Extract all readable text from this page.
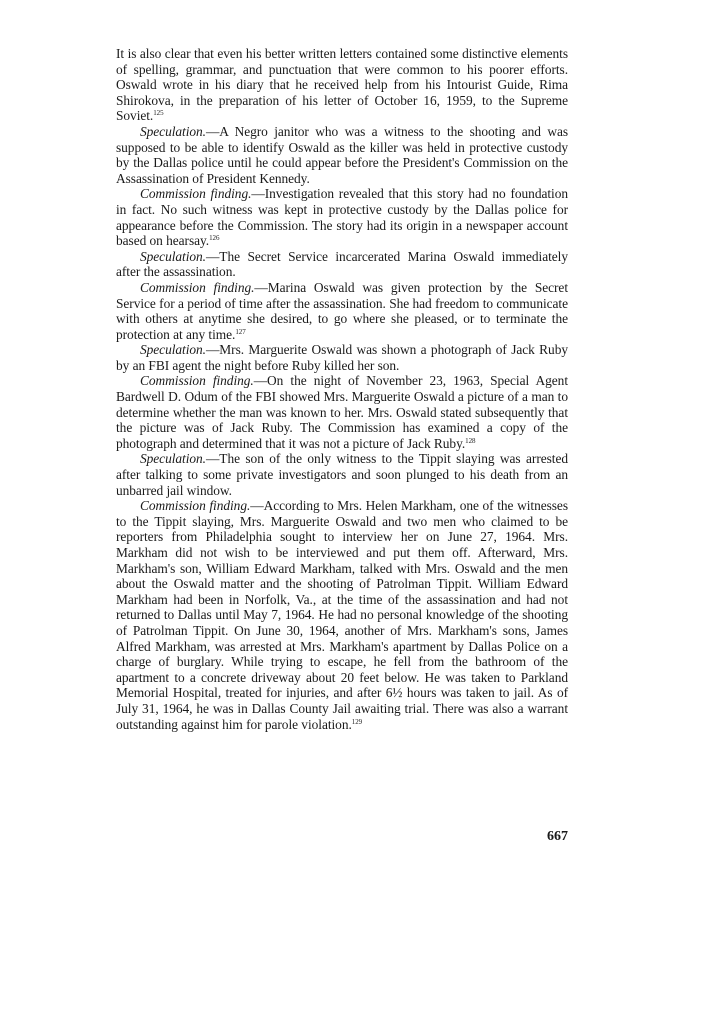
It is also clear that even his better written letters contained some distinctive elements of spelling, grammar, and punctuation that were common to his poorer efforts. Oswald wrote in his diary that he received help from his Intourist Guide, Rima Shirokova, in the preparation of his letter of October 16, 1959, to the Supreme Soviet.$^{125}$

Speculation.—A Negro janitor who was a witness to the shooting and was supposed to be able to identify Oswald as the killer was held in protective custody by the Dallas police until he could appear before the President's Commission on the Assassination of President Kennedy.

Commission finding.—Investigation revealed that this story had no foundation in fact. No such witness was kept in protective custody by the Dallas police for appearance before the Commission. The story had its origin in a newspaper account based on hearsay.$^{126}$

Speculation.—The Secret Service incarcerated Marina Oswald immediately after the assassination.

Commission finding.—Marina Oswald was given protection by the Secret Service for a period of time after the assassination. She had freedom to communicate with others at anytime she desired, to go where she pleased, or to terminate the protection at any time.$^{127}$

Speculation.—Mrs. Marguerite Oswald was shown a photograph of Jack Ruby by an FBI agent the night before Ruby killed her son.

Commission finding.—On the night of November 23, 1963, Special Agent Bardwell D. Odum of the FBI showed Mrs. Marguerite Oswald a picture of a man to determine whether the man was known to her. Mrs. Oswald stated subsequently that the picture was of Jack Ruby. The Commission has examined a copy of the photograph and determined that it was not a picture of Jack Ruby.$^{128}$

Speculation.—The son of the only witness to the Tippit slaying was arrested after talking to some private investigators and soon plunged to his death from an unbarred jail window.

Commission finding.—According to Mrs. Helen Markham, one of the witnesses to the Tippit slaying, Mrs. Marguerite Oswald and two men who claimed to be reporters from Philadelphia sought to interview her on June 27, 1964. Mrs. Markham did not wish to be interviewed and put them off. Afterward, Mrs. Markham's son, William Edward Markham, talked with Mrs. Oswald and the men about the Oswald matter and the shooting of Patrolman Tippit. William Edward Markham had been in Norfolk, Va., at the time of the assassination and had not returned to Dallas until May 7, 1964. He had no personal knowledge of the shooting of Patrolman Tippit. On June 30, 1964, another of Mrs. Markham's sons, James Alfred Markham, was arrested at Mrs. Markham's apartment by Dallas Police on a charge of burglary. While trying to escape, he fell from the bathroom of the apartment to a concrete driveway about 20 feet below. He was taken to Parkland Memorial Hospital, treated for injuries, and after 6½ hours was taken to jail. As of July 31, 1964, he was in Dallas County Jail awaiting trial. There was also a warrant outstanding against him for parole violation.$^{129}$

667
